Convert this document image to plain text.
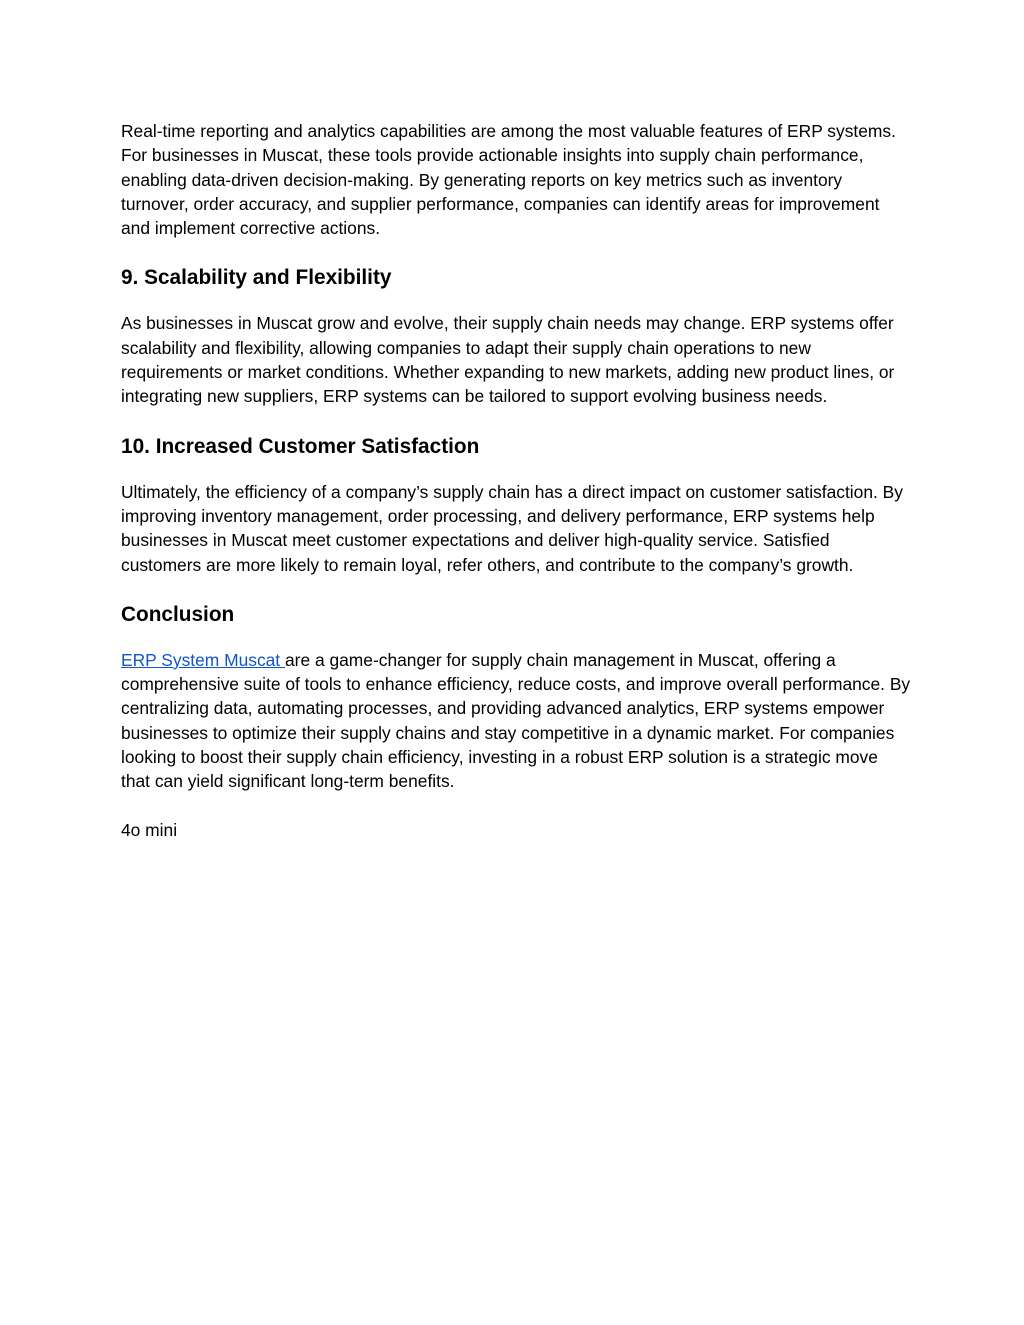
Real-time reporting and analytics capabilities are among the most valuable features of ERP systems. For businesses in Muscat, these tools provide actionable insights into supply chain performance, enabling data-driven decision-making. By generating reports on key metrics such as inventory turnover, order accuracy, and supplier performance, companies can identify areas for improvement and implement corrective actions.

9. Scalability and Flexibility

As businesses in Muscat grow and evolve, their supply chain needs may change. ERP systems offer scalability and flexibility, allowing companies to adapt their supply chain operations to new requirements or market conditions. Whether expanding to new markets, adding new product lines, or integrating new suppliers, ERP systems can be tailored to support evolving business needs.

10. Increased Customer Satisfaction

Ultimately, the efficiency of a company’s supply chain has a direct impact on customer satisfaction. By improving inventory management, order processing, and delivery performance, ERP systems help businesses in Muscat meet customer expectations and deliver high-quality service. Satisfied customers are more likely to remain loyal, refer others, and contribute to the company’s growth.

Conclusion

ERP System Muscat are a game-changer for supply chain management in Muscat, offering a comprehensive suite of tools to enhance efficiency, reduce costs, and improve overall performance. By centralizing data, automating processes, and providing advanced analytics, ERP systems empower businesses to optimize their supply chains and stay competitive in a dynamic market. For companies looking to boost their supply chain efficiency, investing in a robust ERP solution is a strategic move that can yield significant long-term benefits.

4o mini
